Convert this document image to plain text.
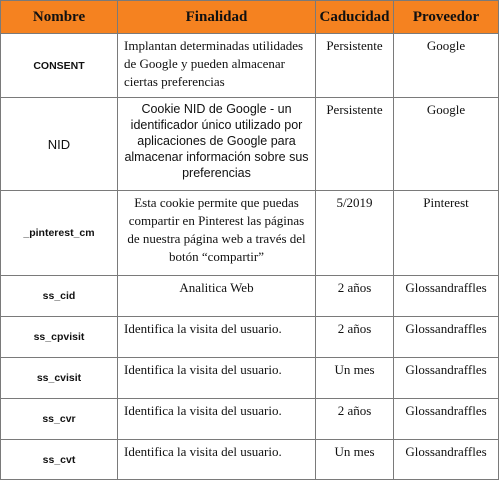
Nombre	Finalidad	Caducidad	Proveedor
CONSENT	Implantan determinadas utilidades de Google y pueden almacenar ciertas preferencias	Persistente	Google
NID	Cookie NID de Google - un identificador único utilizado por aplicaciones de Google para almacenar información sobre sus preferencias	Persistente	Google
_pinterest_cm	Esta cookie permite que puedas compartir en Pinterest las páginas de nuestra página web a través del botón “compartir”	5/2019	Pinterest
ss_cid	Analitica Web	2 años	Glossandraffles
ss_cpvisit	Identifica la visita del usuario.	2 años	Glossandraffles
ss_cvisit	Identifica la visita del usuario.	Un mes	Glossandraffles
ss_cvr	Identifica la visita del usuario.	2 años	Glossandraffles
ss_cvt	Identifica la visita del usuario.	Un mes	Glossandraffles
